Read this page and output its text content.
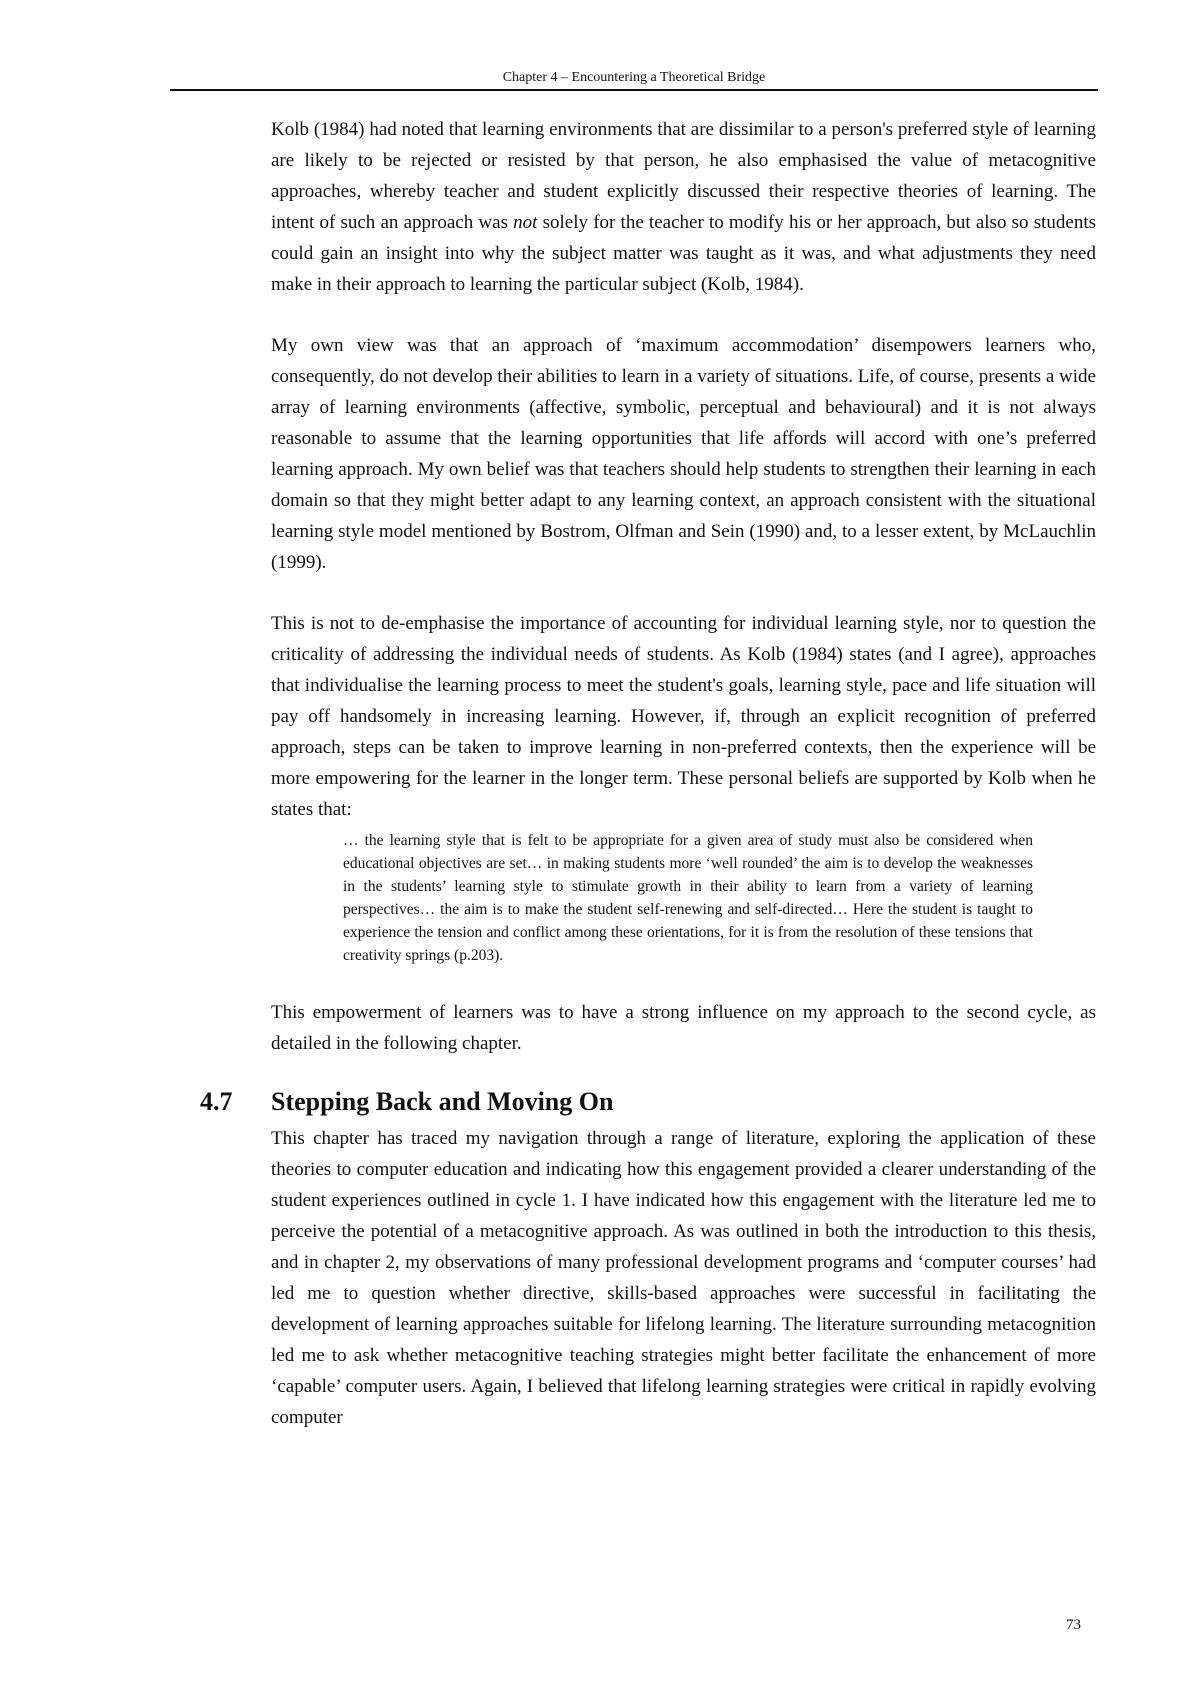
Chapter 4 – Encountering a Theoretical Bridge

Kolb (1984) had noted that learning environments that are dissimilar to a person's preferred style of learning are likely to be rejected or resisted by that person, he also emphasised the value of metacognitive approaches, whereby teacher and student explicitly discussed their respective theories of learning. The intent of such an approach was not solely for the teacher to modify his or her approach, but also so students could gain an insight into why the subject matter was taught as it was, and what adjustments they need make in their approach to learning the particular subject (Kolb, 1984).

My own view was that an approach of ‘maximum accommodation’ disempowers learners who, consequently, do not develop their abilities to learn in a variety of situations. Life, of course, presents a wide array of learning environments (affective, symbolic, perceptual and behavioural) and it is not always reasonable to assume that the learning opportunities that life affords will accord with one’s preferred learning approach. My own belief was that teachers should help students to strengthen their learning in each domain so that they might better adapt to any learning context, an approach consistent with the situational learning style model mentioned by Bostrom, Olfman and Sein (1990) and, to a lesser extent, by McLauchlin (1999).

This is not to de-emphasise the importance of accounting for individual learning style, nor to question the criticality of addressing the individual needs of students. As Kolb (1984) states (and I agree), approaches that individualise the learning process to meet the student's goals, learning style, pace and life situation will pay off handsomely in increasing learning. However, if, through an explicit recognition of preferred approach, steps can be taken to improve learning in non-preferred contexts, then the experience will be more empowering for the learner in the longer term. These personal beliefs are supported by Kolb when he states that:

… the learning style that is felt to be appropriate for a given area of study must also be considered when educational objectives are set… in making students more ‘well rounded’ the aim is to develop the weaknesses in the students’ learning style to stimulate growth in their ability to learn from a variety of learning perspectives… the aim is to make the student self-renewing and self-directed… Here the student is taught to experience the tension and conflict among these orientations, for it is from the resolution of these tensions that creativity springs (p.203).

This empowerment of learners was to have a strong influence on my approach to the second cycle, as detailed in the following chapter.

4.7 Stepping Back and Moving On

This chapter has traced my navigation through a range of literature, exploring the application of these theories to computer education and indicating how this engagement provided a clearer understanding of the student experiences outlined in cycle 1. I have indicated how this engagement with the literature led me to perceive the potential of a metacognitive approach. As was outlined in both the introduction to this thesis, and in chapter 2, my observations of many professional development programs and ‘computer courses’ had led me to question whether directive, skills-based approaches were successful in facilitating the development of learning approaches suitable for lifelong learning. The literature surrounding metacognition led me to ask whether metacognitive teaching strategies might better facilitate the enhancement of more ‘capable’ computer users. Again, I believed that lifelong learning strategies were critical in rapidly evolving computer

73
